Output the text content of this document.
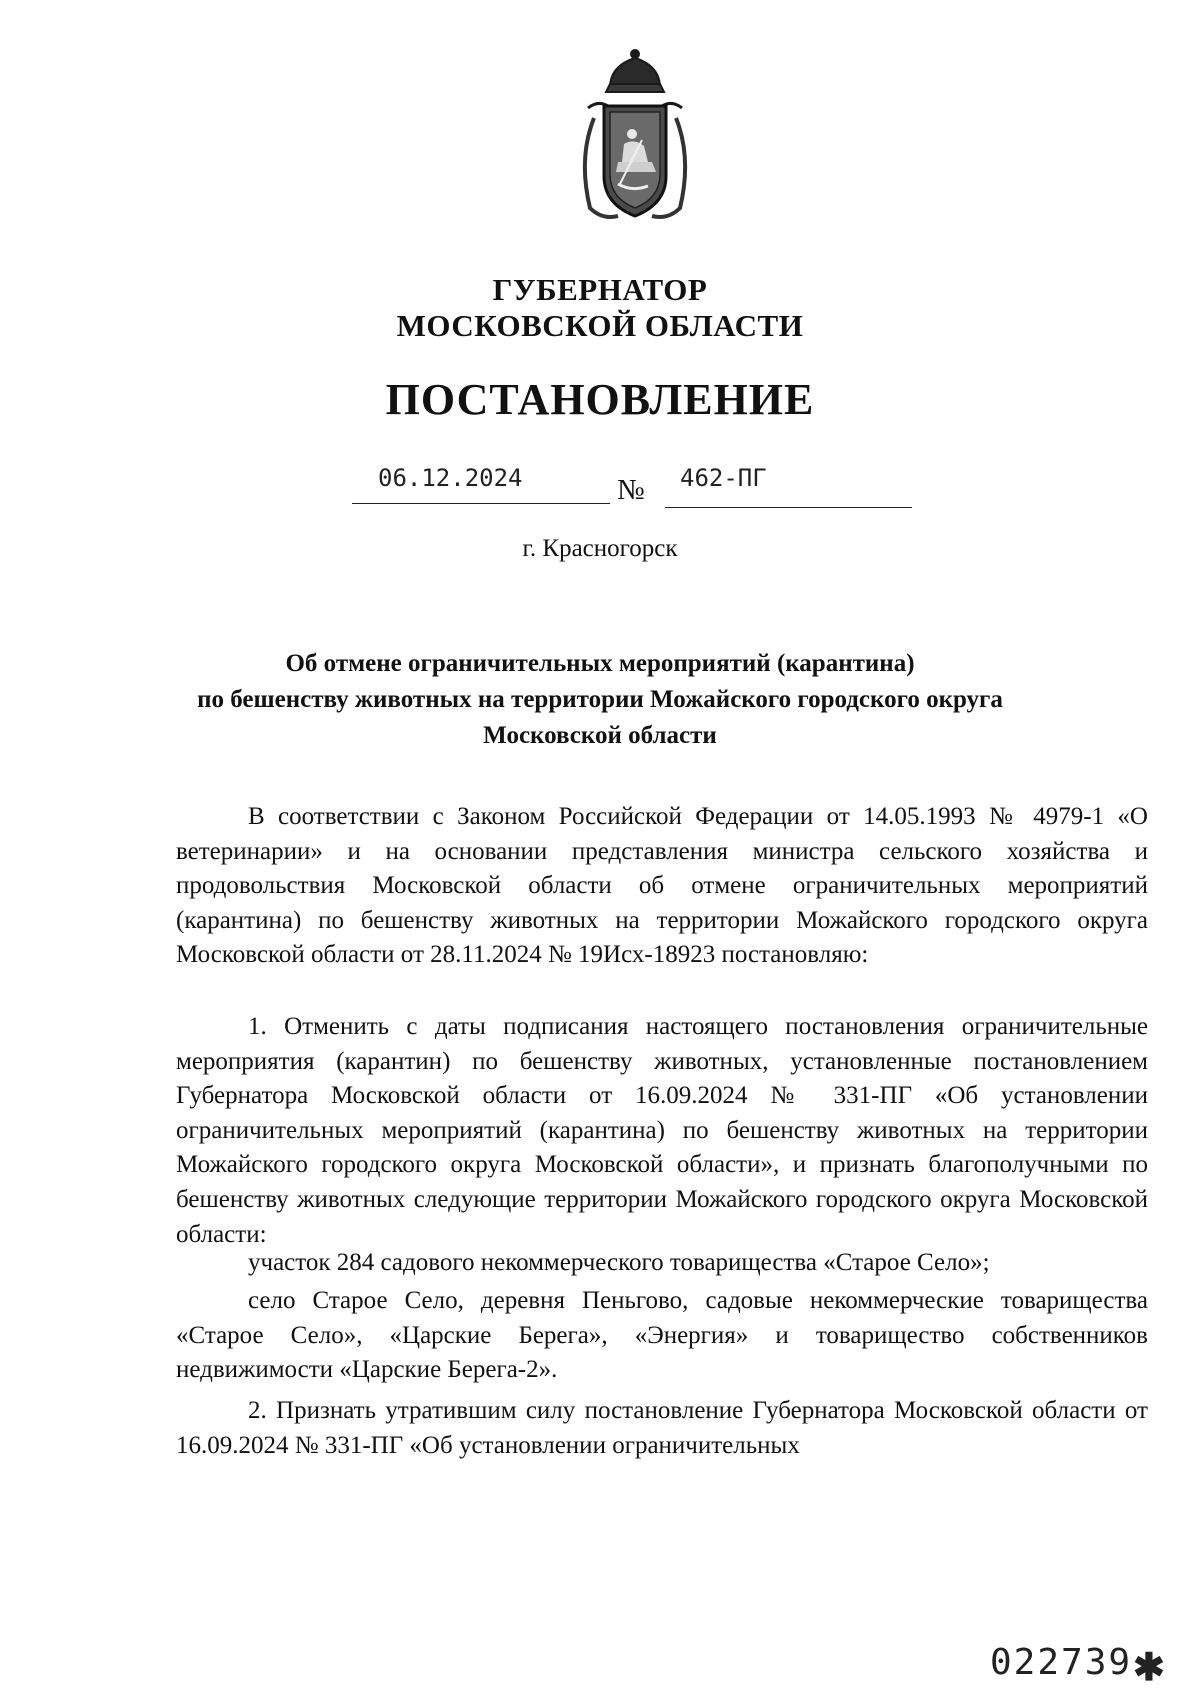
ГУБЕРНАТОР
МОСКОВСКОЙ ОБЛАСТИ
ПОСТАНОВЛЕНИЕ
06.12.2024	№ 462-ПГ
г. Красногорск
Об отмене ограничительных мероприятий (карантина)
по бешенству животных на территории Можайского городского округа
Московской области
В соответствии с Законом Российской Федерации от 14.05.1993 № 4979-1 «О ветеринарии» и на основании представления министра сельского хозяйства и продовольствия Московской области об отмене ограничительных мероприятий (карантина) по бешенству животных на территории Можайского городского округа Московской области от 28.11.2024 № 19Исх-18923 постановляю:
1. Отменить с даты подписания настоящего постановления ограничительные мероприятия (карантин) по бешенству животных, установленные постановлением Губернатора Московской области от 16.09.2024 № 331-ПГ «Об установлении ограничительных мероприятий (карантина) по бешенству животных на территории Можайского городского округа Московской области», и признать благополучными по бешенству животных следующие территории Можайского городского округа Московской области:
участок 284 садового некоммерческого товарищества «Старое Село»;
село Старое Село, деревня Пеньгово, садовые некоммерческие товарищества «Старое Село», «Царские Берега», «Энергия» и товарищество собственников недвижимости «Царские Берега-2».
2. Признать утратившим силу постановление Губернатора Московской области от 16.09.2024 № 331-ПГ «Об установлении ограничительных
022739 ✱
